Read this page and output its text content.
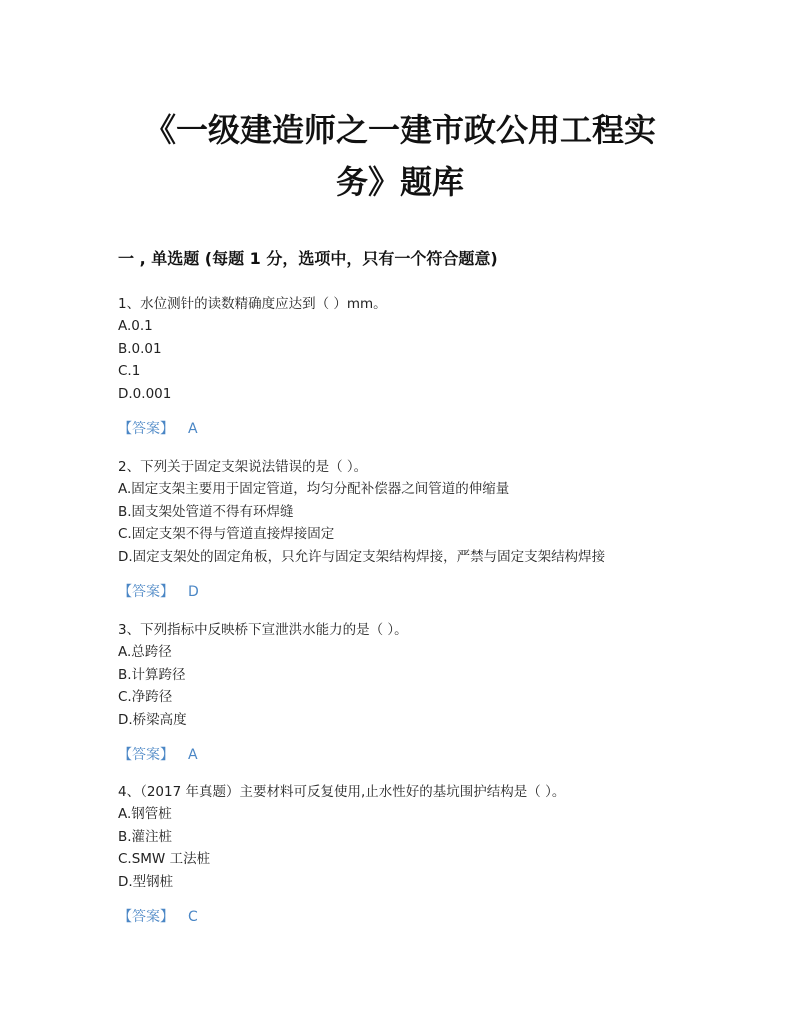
《一级建造师之一建市政公用工程实
务》题库
一 , 单选题 (每题 1 分，选项中，只有一个符合题意)
1、水位测针的读数精确度应达到（ ）mm。
A.0.1
B.0.01
C.1
D.0.001
【答案】 A
2、下列关于固定支架说法错误的是（ ）。
A.固定支架主要用于固定管道，均匀分配补偿器之间管道的伸缩量
B.固支架处管道不得有环焊缝
C.固定支架不得与管道直接焊接固定
D.固定支架处的固定角板，只允许与固定支架结构焊接，严禁与固定支架结构焊接
【答案】 D
3、下列指标中反映桥下宣泄洪水能力的是（ ）。
A.总跨径
B.计算跨径
C.净跨径
D.桥梁高度
【答案】 A
4、（2017 年真题）主要材料可反复使用,止水性好的基坑围护结构是（ ）。
A.钢管桩
B.灌注桩
C.SMW 工法桩
D.型钢桩
【答案】 C
